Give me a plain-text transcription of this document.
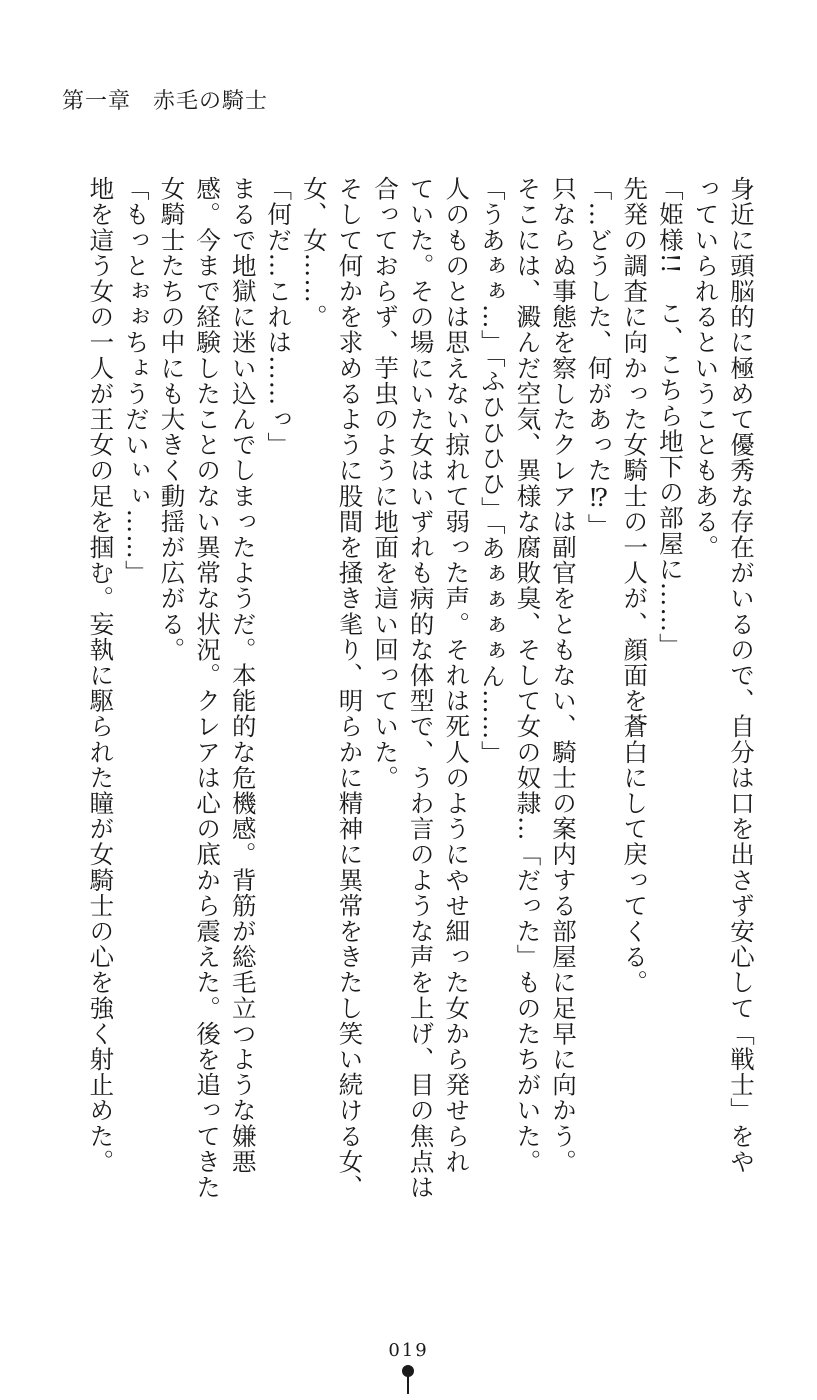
第一章 赤毛の騎士
身近に頭脳的に極めて優秀な存在がいるので、自分は口を出さず安心して「戦士」をや
っていられるということもある。
「姫様!!　こ、こちら地下の部屋に……」
先発の調査に向かった女騎士の一人が、顔面を蒼白にして戻ってくる。
「…どうした、何があった⁉」
只ならぬ事態を察したクレアは副官をともない、騎士の案内する部屋に足早に向かう。
そこには、澱んだ空気、異様な腐敗臭、そして女の奴隷…「だった」ものたちがいた。
「うあぁぁ…」「ふひひひひ」「あぁぁぁぁん……」
人のものとは思えない掠れて弱った声。それは死人のようにやせ細った女から発せられ
ていた。その場にいた女はいずれも病的な体型で、うわ言のような声を上げ、目の焦点は
合っておらず、芋虫のように地面を這い回っていた。
そして何かを求めるように股間を掻き毟り、明らかに精神に異常をきたし笑い続ける女、
女、女……。
「何だ…これは……っ」
まるで地獄に迷い込んでしまったようだ。本能的な危機感。背筋が総毛立つような嫌悪
感。今まで経験したことのない異常な状況。クレアは心の底から震えた。後を追ってきた
女騎士たちの中にも大きく動揺が広がる。
「もっとぉぉちょうだいぃぃ……」
地を這う女の一人が王女の足を掴む。妄執に駆られた瞳が女騎士の心を強く射止めた。
019
